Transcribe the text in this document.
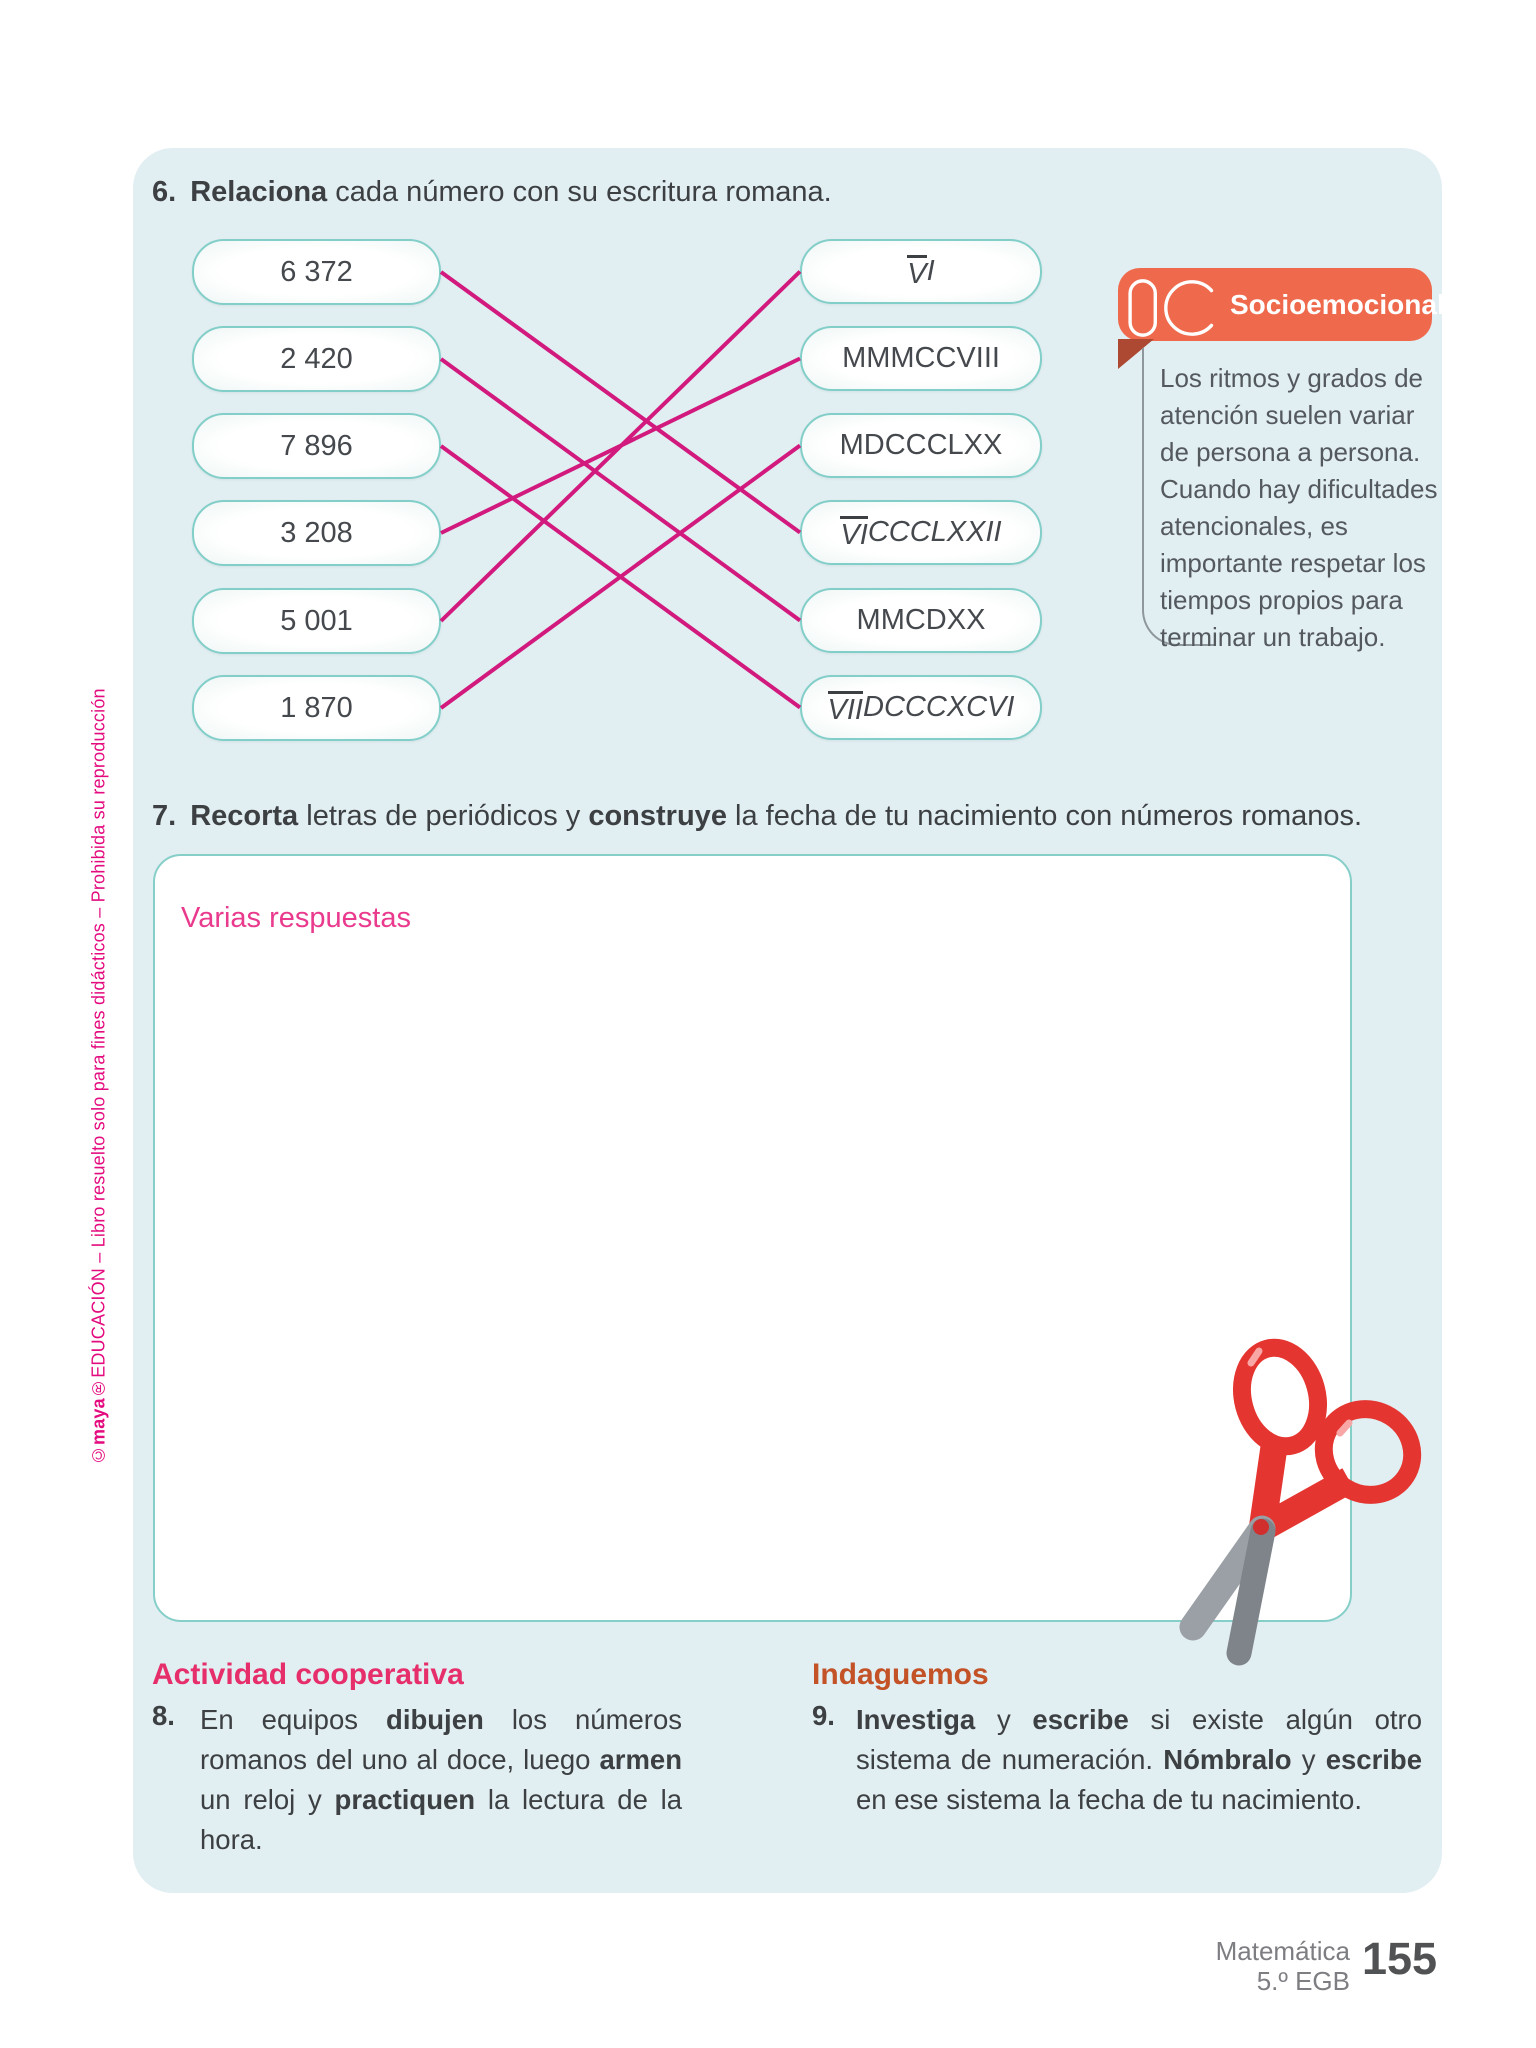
©
maya
®EDUCACIÓN – Libro resuelto solo para fines didácticos – Prohibida su reproducción
6. Relaciona cada número con su escritura romana.
6 372
2 420
7 896
3 208
5 001
1 870
V I
MMMCCVIII
MDCCCLXX
VI CCCLXXII
MMCDXX
VII DCCCXCVI
Socioemocional
Los ritmos y grados de atención suelen variar de persona a persona. Cuando hay dificultades atencionales, es importante respetar los tiempos propios para terminar un trabajo.
7. Recorta letras de periódicos y construye la fecha de tu nacimiento con números romanos.
Varias respuestas
Actividad cooperativa
8. En equipos dibujen los números romanos del uno al doce, luego armen un reloj y practiquen la lectura de la hora.
Indaguemos
9. Investiga y escribe si existe algún otro sistema de numeración. Nómbralo y escribe en ese sistema la fecha de tu nacimiento.
Matemática
5.º EGB 155
